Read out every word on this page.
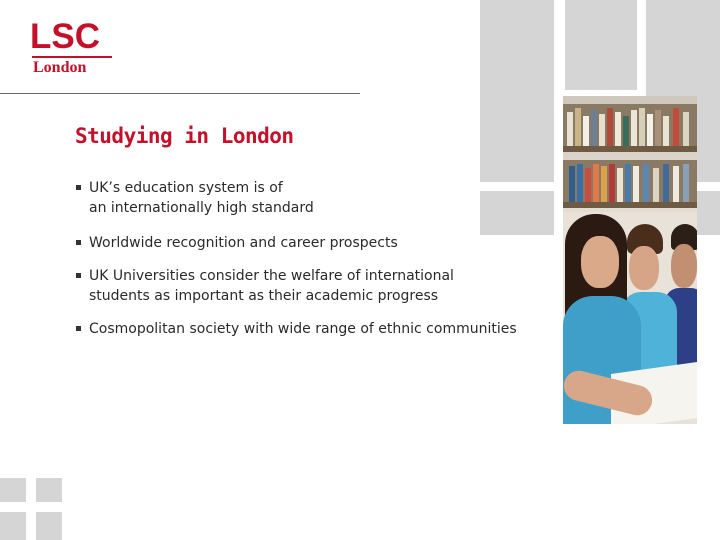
LSC
London
Studying in London
UK’s education system is of
an internationally high standard
Worldwide recognition and career prospects
UK Universities consider the welfare of international
students as important as their academic progress
Cosmopolitan society with wide range of ethnic communities
